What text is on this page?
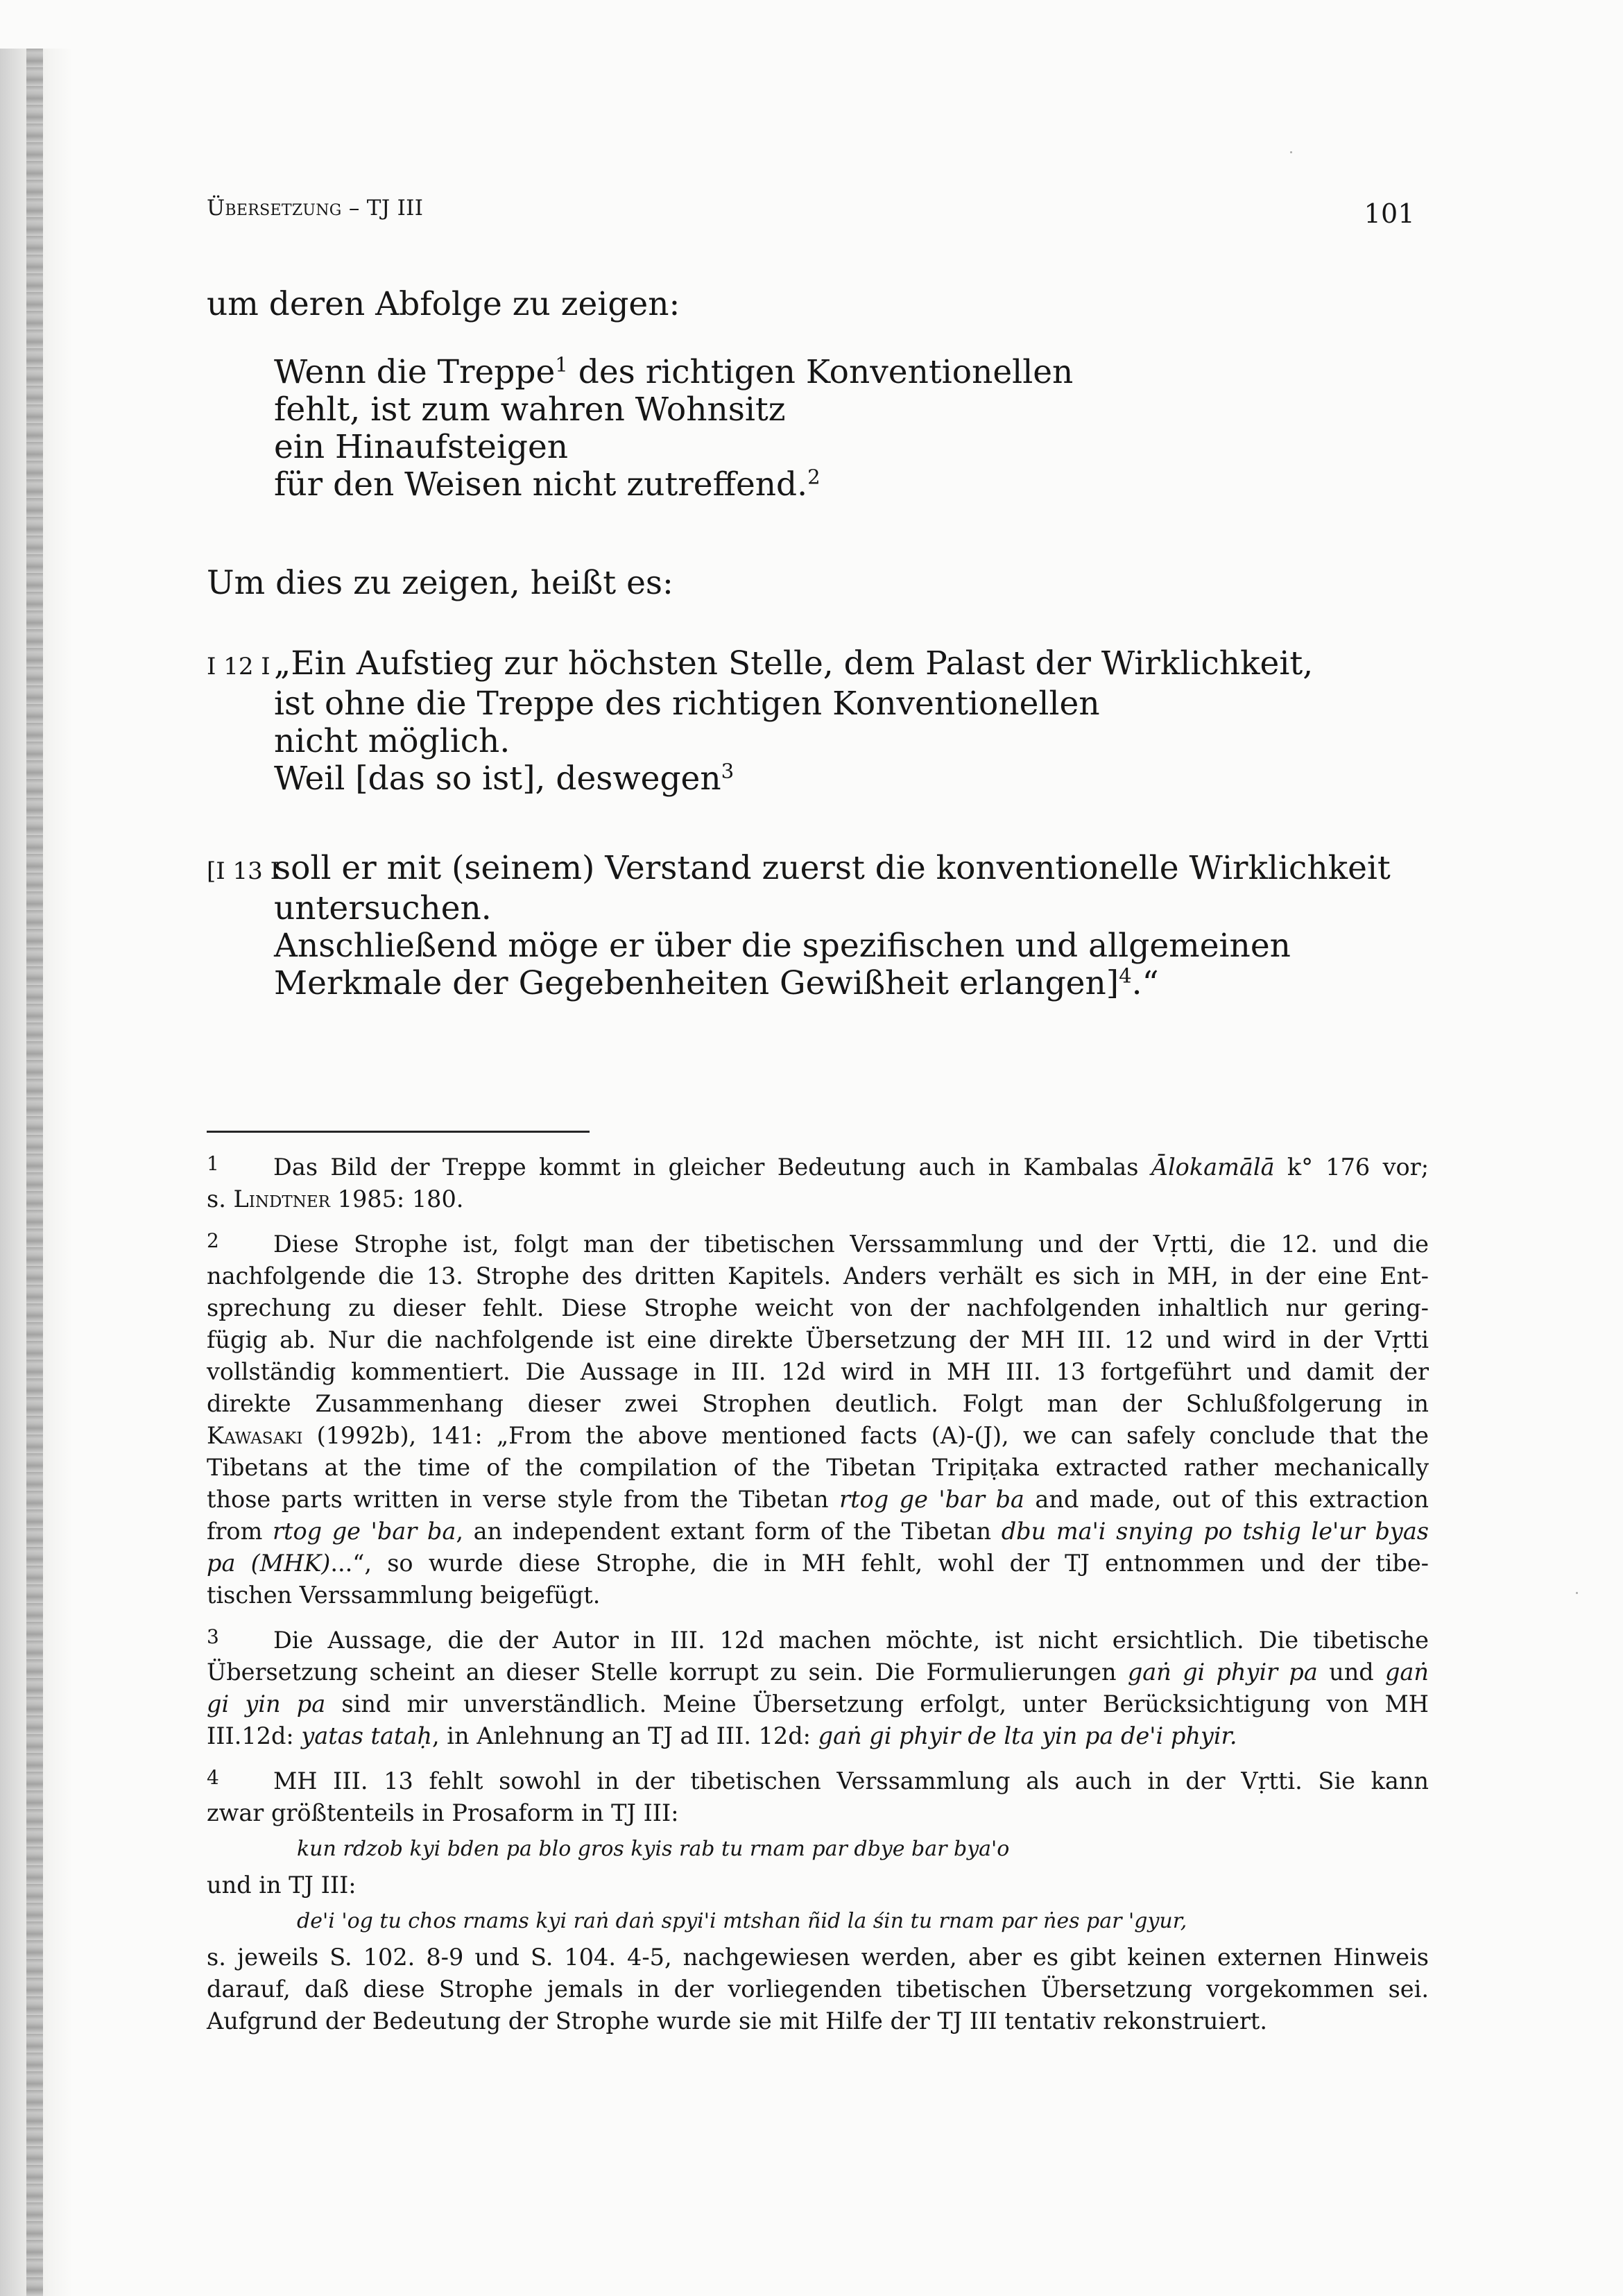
Übersetzung – TJ III	101
um deren Abfolge zu zeigen:
Wenn die Treppe$^1$ des richtigen Konventionellen
fehlt, ist zum wahren Wohnsitz
ein Hinaufsteigen
für den Weisen nicht zutreffend.$^2$
Um dies zu zeigen, heißt es:
I 12 I „Ein Aufstieg zur höchsten Stelle, dem Palast der Wirklichkeit,
ist ohne die Treppe des richtigen Konventionellen
nicht möglich.
Weil [das so ist], deswegen$^3$
[I 13 Isoll er mit (seinem) Verstand zuerst die konventionelle Wirklichkeit
untersuchen.
Anschließend möge er über die spezifischen und allgemeinen
Merkmale der Gegebenheiten Gewißheit erlangen]$^4$.“
1 Das Bild der Treppe kommt in gleicher Bedeutung auch in Kambalas Ālokamālā k° 176 vor;
s. Lindtner 1985: 180.
2 Diese Strophe ist, folgt man der tibetischen Verssammlung und der Vṛtti, die 12. und die
nachfolgende die 13. Strophe des dritten Kapitels. Anders verhält es sich in MH, in der eine Ent-
sprechung zu dieser fehlt. Diese Strophe weicht von der nachfolgenden inhaltlich nur gering-
fügig ab. Nur die nachfolgende ist eine direkte Übersetzung der MH III. 12 und wird in der Vṛtti
vollständig kommentiert. Die Aussage in III. 12d wird in MH III. 13 fortgeführt und damit der
direkte Zusammenhang dieser zwei Strophen deutlich. Folgt man der Schlußfolgerung in
Kawasaki (1992b), 141: „From the above mentioned facts (A)-(J), we can safely conclude that the
Tibetans at the time of the compilation of the Tibetan Tripiṭaka extracted rather mechanically
those parts written in verse style from the Tibetan rtog ge 'bar ba and made, out of this extraction
from rtog ge 'bar ba, an independent extant form of the Tibetan dbu ma'i snying po tshig le'ur byas
pa (MHK)...“, so wurde diese Strophe, die in MH fehlt, wohl der TJ entnommen und der tibe-
tischen Verssammlung beigefügt.
3 Die Aussage, die der Autor in III. 12d machen möchte, ist nicht ersichtlich. Die tibetische
Übersetzung scheint an dieser Stelle korrupt zu sein. Die Formulierungen gaṅ gi phyir pa und gaṅ
gi yin pa sind mir unverständlich. Meine Übersetzung erfolgt, unter Berücksichtigung von MH
III.12d: yatas tataḥ, in Anlehnung an TJ ad III. 12d: gaṅ gi phyir de lta yin pa de'i phyir.
4 MH III. 13 fehlt sowohl in der tibetischen Verssammlung als auch in der Vṛtti. Sie kann
zwar größtenteils in Prosaform in TJ III:
kun rdzob kyi bden pa blo gros kyis rab tu rnam par dbye bar bya'o
und in TJ III:
de'i 'og tu chos rnams kyi raṅ daṅ spyi'i mtshan ñid la śin tu rnam par ṅes par 'gyur,
s. jeweils S. 102. 8-9 und S. 104. 4-5, nachgewiesen werden, aber es gibt keinen externen Hinweis
darauf, daß diese Strophe jemals in der vorliegenden tibetischen Übersetzung vorgekommen sei.
Aufgrund der Bedeutung der Strophe wurde sie mit Hilfe der TJ III tentativ rekonstruiert.
